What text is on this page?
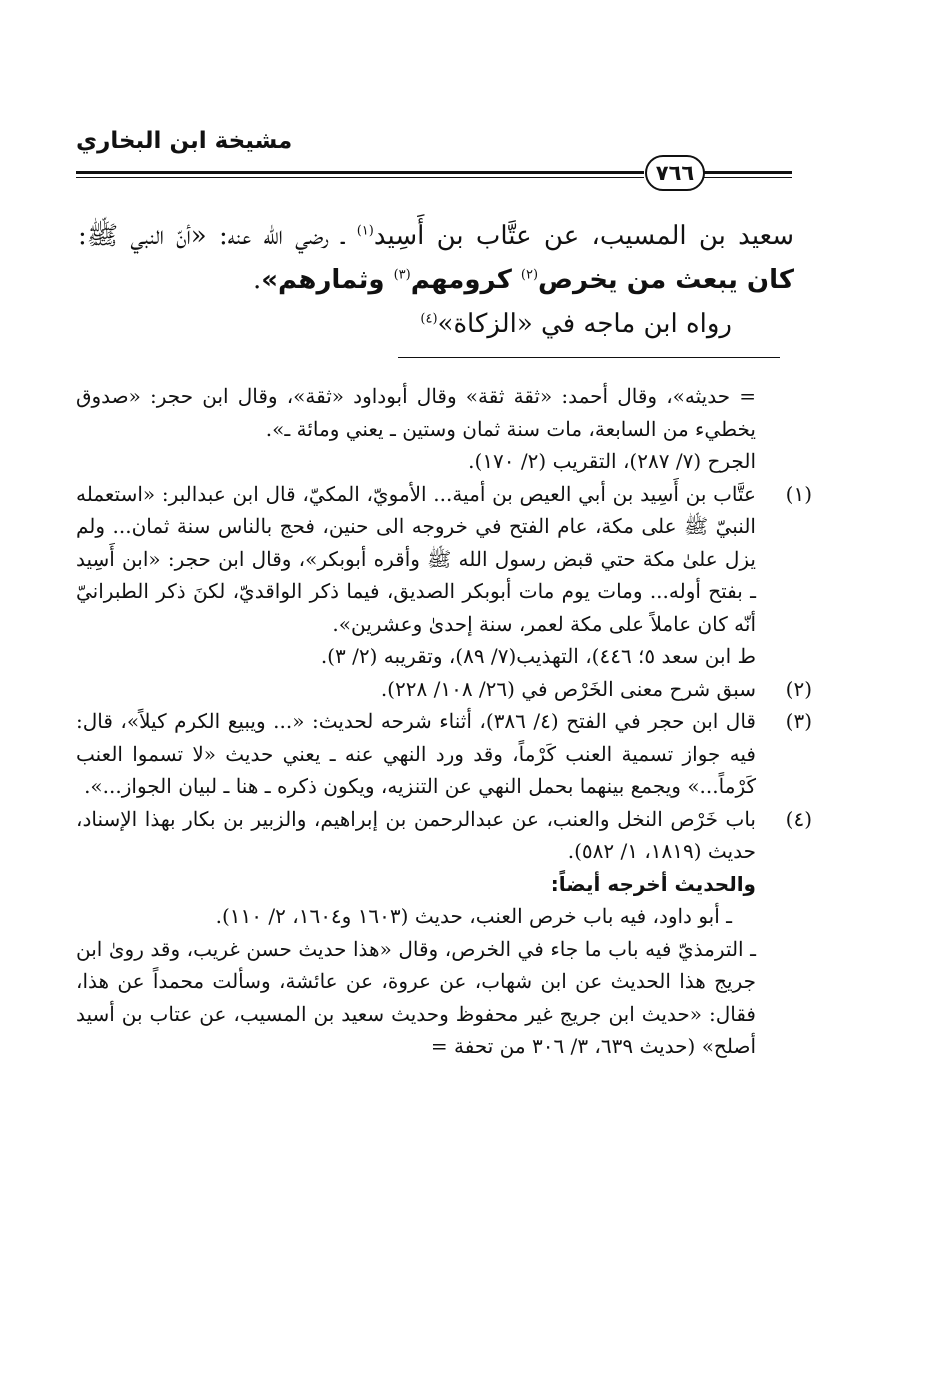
مشيخة ابن البخاري
٧٦٦

سعيد بن المسيب، عن عتَّاب بن أَسِيد$^{(١)}$ ـ رضي الله عنه: «أنّ النبي ﷺ: كان يبعث من يخرص$^{(٢)}$ كرومهم$^{(٣)}$ وثمارهم».

رواه ابن ماجه في «الزكاة»$^{(٤)}$

= حديثه»، وقال أحمد: «ثقة ثقة» وقال أبوداود «ثقة»، وقال ابن حجر: «صدوق يخطيء من السابعة، مات سنة ثمان وستين ـ يعني ومائة ـ».

الجرح (٧/ ٢٨٧)، التقريب (٢/ ١٧٠).

(١)

عتَّاب بن أَسِيد بن أبي العيص بن أمية... الأمويّ، المكيّ، قال ابن عبدالبر: «استعمله النبيّ ﷺ على مكة، عام الفتح في خروجه الى حنين، فحج بالناس سنة ثمان... ولم يزل علىٰ مكة حتي قبض رسول الله ﷺ وأقره أبوبكر»، وقال ابن حجر: «ابن أَسِيد ـ بفتح أوله... ومات يوم مات أبوبكر الصديق، فيما ذكر الواقديّ، لكنَ ذكر الطبرانيّ أنّه كان عاملاً على مكة لعمر، سنة إحدىٰ وعشرين».

ط ابن سعد ٥؛ ٤٤٦)، التهذيب(٧/ ٨٩)، وتقريبه (٢/ ٣).

(٢)

سبق شرح معنى الخَرْص في (٢٦/ ١٠٨/ ٢٢٨).

(٣)

قال ابن حجر في الفتح (٤/ ٣٨٦)، أثناء شرحه لحديث: «... ويبيع الكرم كيلاً»، قال: فيه جواز تسمية العنب كَرْماً، وقد ورد النهي عنه ـ يعني حديث «لا تسموا العنب كَرْماً...» ويجمع بينهما بحمل النهي عن التنزيه، ويكون ذكره ـ هنا ـ لبيان الجواز...».

(٤)

باب خَرْص النخل والعنب، عن عبدالرحمن بن إبراهيم، والزبير بن بكار بهذا الإسناد، حديث (١٨١٩، ١/ ٥٨٢).

والحديث أخرجه أيضاً:

ـ أبو داود، فيه باب خرص العنب، حديث (١٦٠٣ و١٦٠٤، ٢/ ١١٠).

ـ الترمذيّ فيه باب ما جاء في الخرص، وقال «هذا حديث حسن غريب، وقد روىٰ ابن جريج هذا الحديث عن ابن شهاب، عن عروة، عن عائشة، وسألت محمداً عن هذا، فقال: «حديث ابن جريج غير محفوظ وحديث سعيد بن المسيب، عن عتاب بن أسيد أصلح» (حديث ٦٣٩، ٣/ ٣٠٦ من تحفة =
